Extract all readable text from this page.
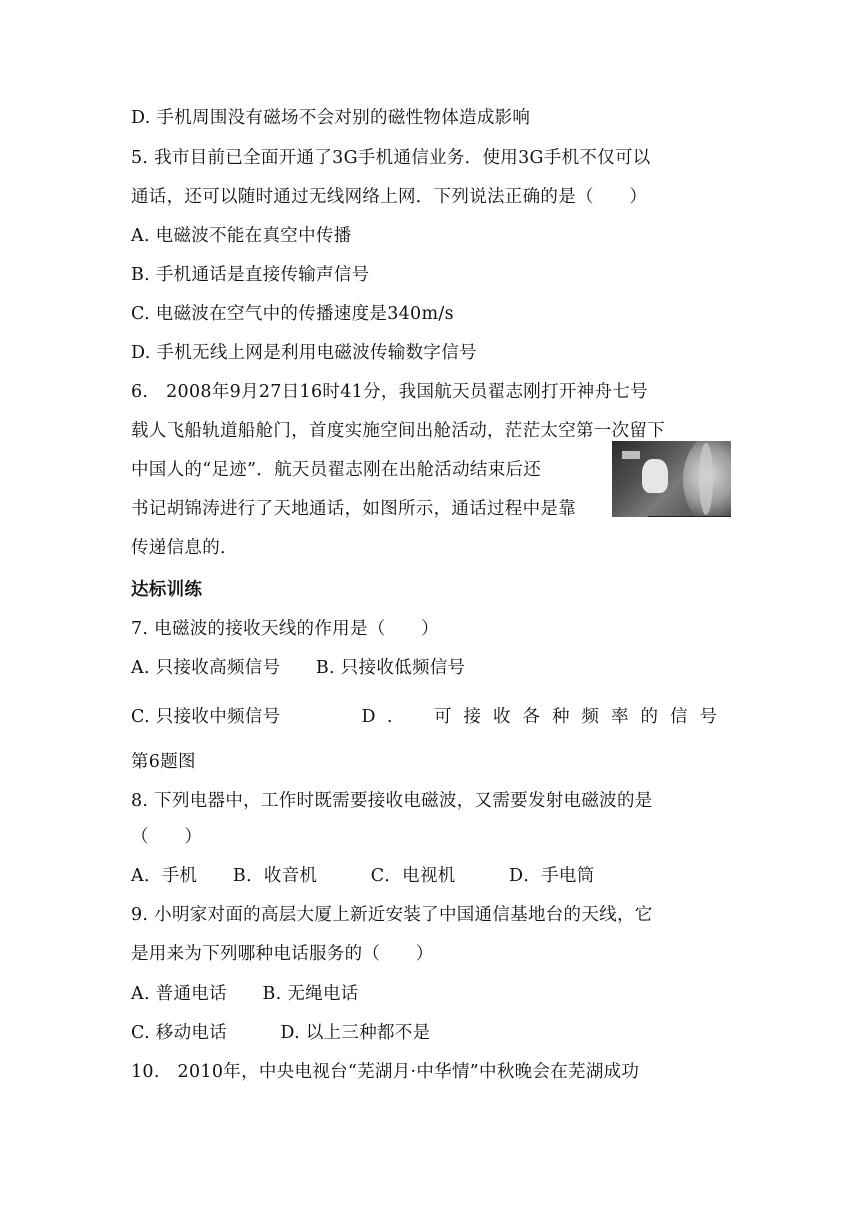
D. 手机周围没有磁场不会对别的磁性物体造成影响
5. 我市目前已全面开通了3G手机通信业务．使用3G手机不仅可以
通话，还可以随时通过无线网络上网．下列说法正确的是（　　）
A. 电磁波不能在真空中传播
B. 手机通话是直接传输声信号
C. 电磁波在空气中的传播速度是340m/s
D. 手机无线上网是利用电磁波传输数字信号
6.　2008年9月27日16时41分，我国航天员翟志刚打开神舟七号
载人飞船轨道船舱门，首度实施空间出舱活动，茫茫太空第一次留下
中国人的“足迹”．航天员翟志刚在出舱活动结束后还
书记胡锦涛进行了天地通话，如图所示，通话过程中是靠
传递信息的．
达标训练
7. 电磁波的接收天线的作用是（　　）
A. 只接收高频信号　　B. 只接收低频信号
C. 只接收中频信号	D.　可接收各种频率的信号
第6题图
8. 下列电器中，工作时既需要接收电磁波，又需要发射电磁波的是
（　　）
A．手机　　B．收音机　　　C．电视机　　　D．手电筒
9. 小明家对面的高层大厦上新近安装了中国通信基地台的天线，它
是用来为下列哪种电话服务的（　　）
A. 普通电话　　B. 无绳电话
C. 移动电话　　　D. 以上三种都不是
10.　2010年，中央电视台“芜湖月·中华情”中秋晚会在芜湖成功
